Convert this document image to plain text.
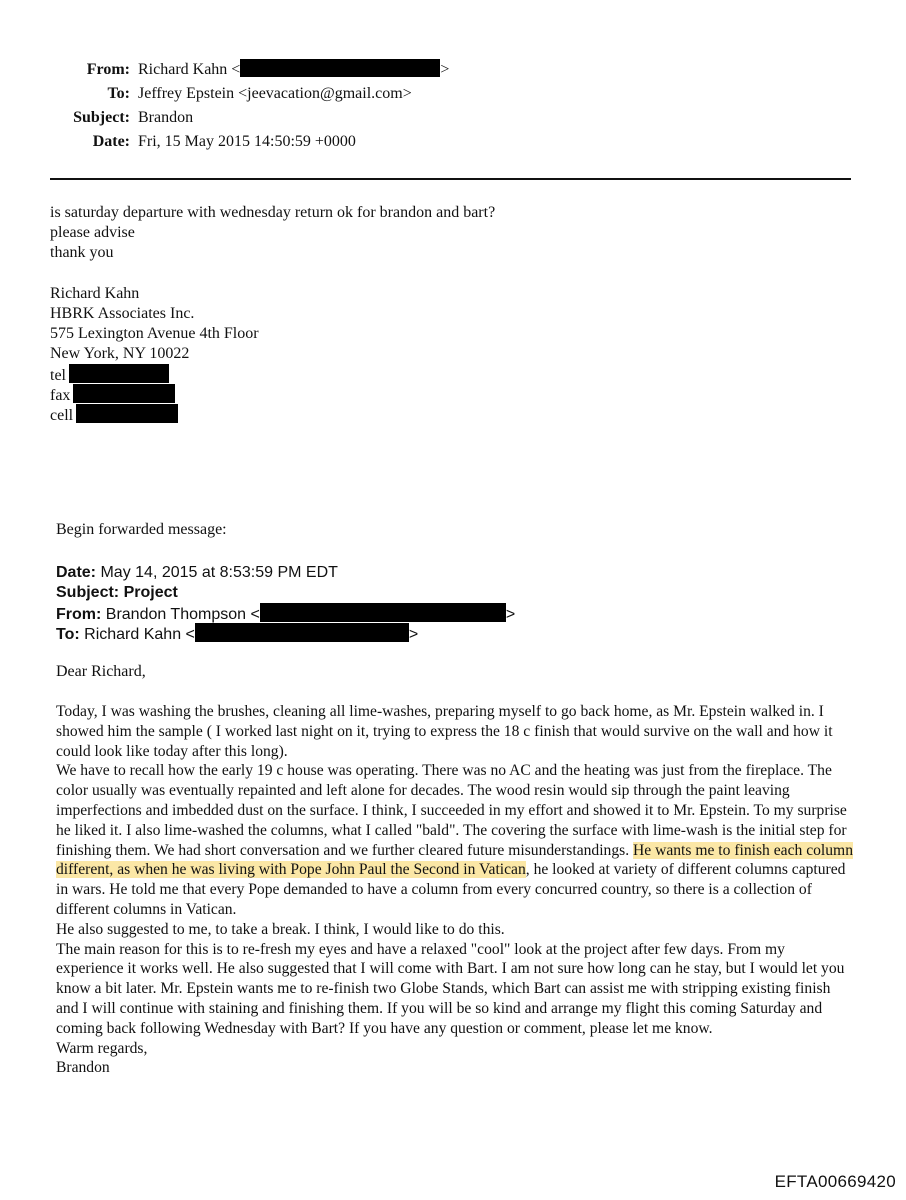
From: Richard Kahn <	>
To: Jeffrey Epstein <jeevacation@gmail.com>
Subject: Brandon
Date: Fri, 15 May 2015 14:50:59 +0000
is saturday departure with wednesday return ok for brandon and bart?
please advise
thank you
Richard Kahn
HBRK Associates Inc.
575 Lexington Avenue 4th Floor
New York, NY 10022
tel
fax
cell
Begin forwarded message:
Date: May 14, 2015 at 8:53:59 PM EDT
Subject: Project
From: Brandon Thompson <	>
To: Richard Kahn <	>
Dear Richard,

Today, I was washing the brushes, cleaning all lime-washes, preparing myself to go back home, as Mr. Epstein walked in. I showed him the sample ( I worked last night on it, trying to express the 18 c finish that would survive on the wall and how it could look like today after this long).

We have to recall how the early 19 c house was operating. There was no AC and the heating was just from the fireplace. The color usually was eventually repainted and left alone for decades. The wood resin would sip through the paint leaving imperfections and imbedded dust on the surface. I think, I succeeded in my effort and showed it to Mr. Epstein. To my surprise he liked it. I also lime-washed the columns, what I called "bald". The covering the surface with lime-wash is the initial step for finishing them. We had short conversation and we further cleared future misunderstandings. He wants me to finish each column different, as when he was living with Pope John Paul the Second in Vatican, he looked at variety of different columns captured in wars. He told me that every Pope demanded to have a column from every concurred country, so there is a collection of different columns in Vatican.

He also suggested to me, to take a break. I think, I would like to do this.

The main reason for this is to re-fresh my eyes and have a relaxed "cool" look at the project after few days. From my experience it works well. He also suggested that I will come with Bart. I am not sure how long can he stay, but I would let you know a bit later. Mr. Epstein wants me to re-finish two Globe Stands, which Bart can assist me with stripping existing finish and I will continue with staining and finishing them. If you will be so kind and arrange my flight this coming Saturday and coming back following Wednesday with Bart? If you have any question or comment, please let me know.

Warm regards,

Brandon

EFTA00669420
